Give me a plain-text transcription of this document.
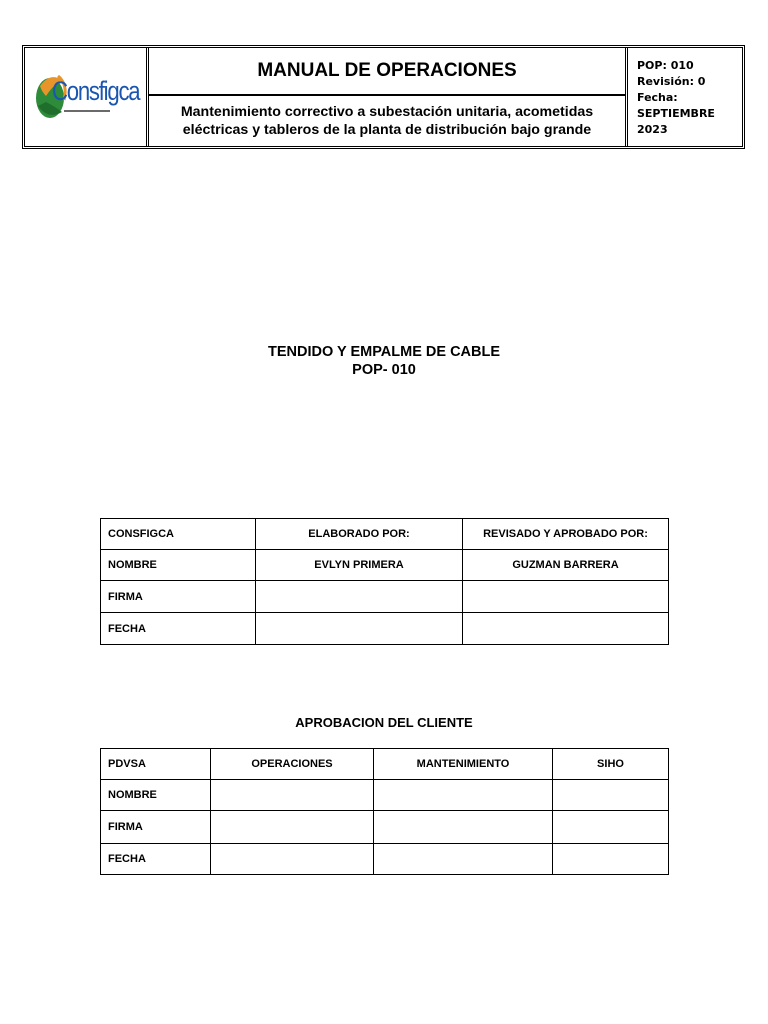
Consfigca
MANUAL DE OPERACIONES
Mantenimiento correctivo a subestación unitaria, acometidas
eléctricas y tableros de la planta de distribución bajo grande
POP: 010
Revisión: 0
Fecha:
SEPTIEMBRE
2023
TENDIDO Y EMPALME DE CABLE
POP- 010
CONSFIGCA	ELABORADO POR:	REVISADO Y APROBADO POR:
NOMBRE	EVLYN PRIMERA	GUZMAN BARRERA
FIRMA		
FECHA		
APROBACION DEL CLIENTE
PDVSA	OPERACIONES	MANTENIMIENTO	SIHO
NOMBRE			
FIRMA			
FECHA			
